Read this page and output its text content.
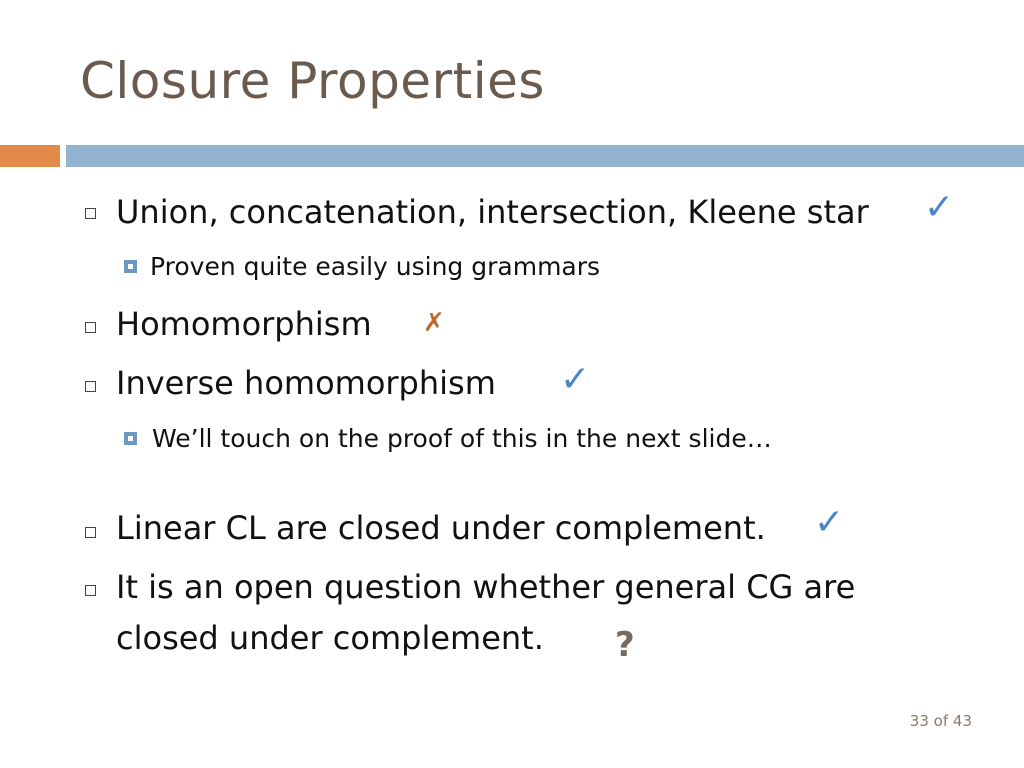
Closure Properties
Union, concatenation, intersection, Kleene star ✓
Proven quite easily using grammars
Homomorphism ✗
Inverse homomorphism ✓
We’ll touch on the proof of this in the next slide…
Linear CL are closed under complement. ✓
It is an open question whether general CG are
closed under complement. ?
33 of 43
